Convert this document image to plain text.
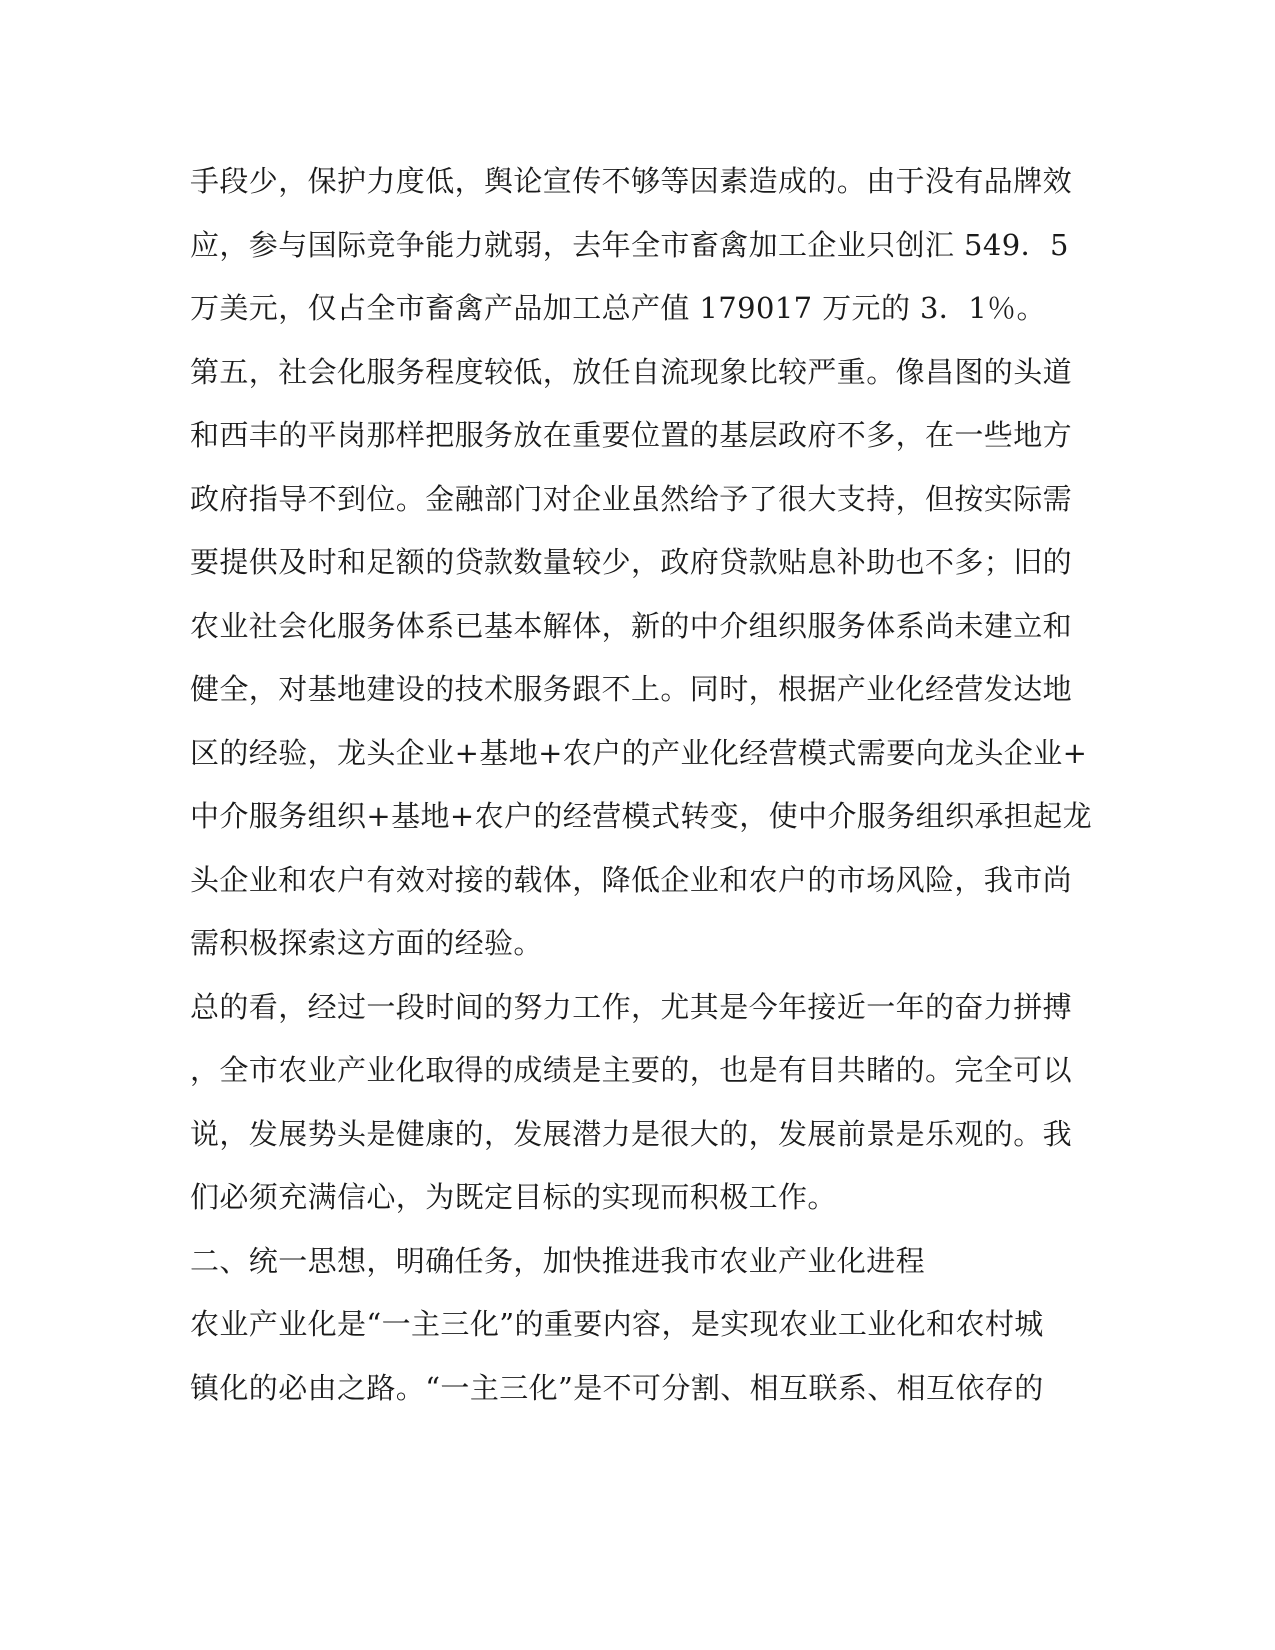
手段少，保护力度低，舆论宣传不够等因素造成的。由于没有品牌效
应，参与国际竞争能力就弱，去年全市畜禽加工企业只创汇 549．5
万美元，仅占全市畜禽产品加工总产值 179017 万元的 3．1％。
第五，社会化服务程度较低，放任自流现象比较严重。像昌图的头道
和西丰的平岗那样把服务放在重要位置的基层政府不多，在一些地方
政府指导不到位。金融部门对企业虽然给予了很大支持，但按实际需
要提供及时和足额的贷款数量较少，政府贷款贴息补助也不多；旧的
农业社会化服务体系已基本解体，新的中介组织服务体系尚未建立和
健全，对基地建设的技术服务跟不上。同时，根据产业化经营发达地
区的经验，龙头企业+基地+农户的产业化经营模式需要向龙头企业+
中介服务组织+基地+农户的经营模式转变，使中介服务组织承担起龙
头企业和农户有效对接的载体，降低企业和农户的市场风险，我市尚
需积极探索这方面的经验。
总的看，经过一段时间的努力工作，尤其是今年接近一年的奋力拼搏
，全市农业产业化取得的成绩是主要的，也是有目共睹的。完全可以
说，发展势头是健康的，发展潜力是很大的，发展前景是乐观的。我
们必须充满信心，为既定目标的实现而积极工作。
二、统一思想，明确任务，加快推进我市农业产业化进程
农业产业化是“一主三化”的重要内容，是实现农业工业化和农村城
镇化的必由之路。“一主三化”是不可分割、相互联系、相互依存的
